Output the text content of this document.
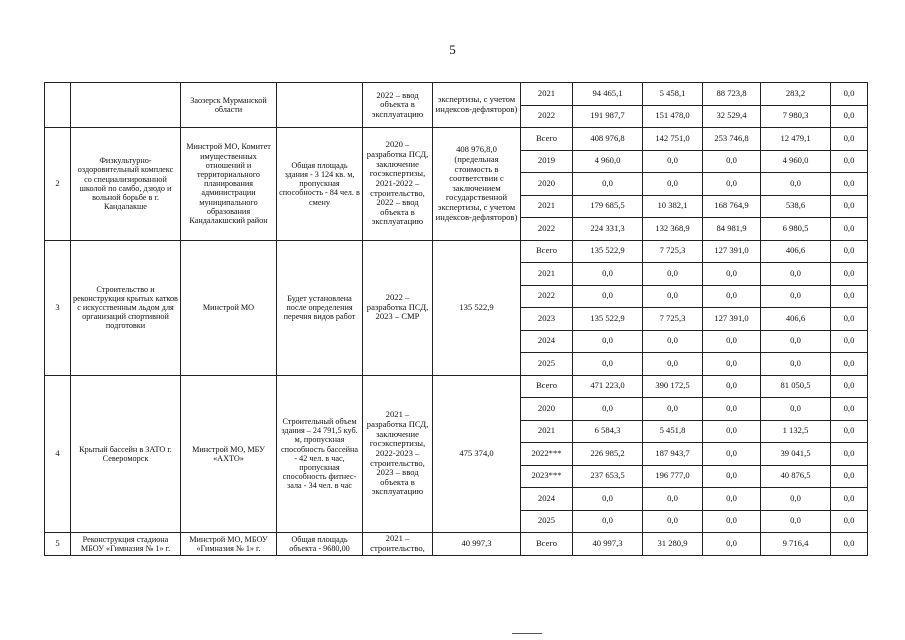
5
		Заозерск Мурманской области		2022 – ввод объекта в эксплуатацию	экспертизы, с учетом индексов-дефляторов)	2021	94 465,1	5 458,1	88 723,8	283,2	0,0
						2022	191 987,7	151 478,0	32 529,4	7 980,3	0,0
2	Физкультурно-оздоровительный комплекс со специализированной школой по самбо, дзюдо и вольной борьбе в г. Кандалакше	Минстрой МО, Комитет имущественных отношений и территориального планирования администрации муниципального образования Кандалакшский район	Общая площадь здания - 3 124 кв. м, пропускная способность - 84 чел. в смену	2020 – разработка ПСД, заключение госэкспертизы, 2021-2022 – строительство, 2022 – ввод объекта в эксплуатацию	408 976,8,0 (предельная стоимость в соответствии с заключением государственной экспертизы, с учетом индексов-дефляторов)	Всего	408 976,8	142 751,0	253 746,8	12 479,1	0,0
						2019	4 960,0	0,0	0,0	4 960,0	0,0
						2020	0,0	0,0	0,0	0,0	0,0
						2021	179 685,5	10 382,1	168 764,9	538,6	0,0
						2022	224 331,3	132 368,9	84 981,9	6 980,5	0,0
3	Строительство и реконструкция крытых катков с искусственным льдом для организаций спортивной подготовки	Минстрой МО	Будет установлена после определения перечня видов работ	2022 – разработка ПСД, 2023 – СМР	135 522,9	Всего	135 522,9	7 725,3	127 391,0	406,6	0,0
						2021	0,0	0,0	0,0	0,0	0,0
						2022	0,0	0,0	0,0	0,0	0,0
						2023	135 522,9	7 725,3	127 391,0	406,6	0,0
						2024	0,0	0,0	0,0	0,0	0,0
						2025	0,0	0,0	0,0	0,0	0,0
4	Крытый бассейн в ЗАТО г. Североморск	Минстрой МО, МБУ «АХТО»	Строительный объем здания – 24 791,5 куб. м, пропускная способность бассейна - 42 чел. в час, пропускная способность фитнес-зала - 34 чел. в час	2021 – разработка ПСД, заключение госэкспертизы, 2022-2023 – строительство, 2023 – ввод объекта в эксплуатацию	475 374,0	Всего	471 223,0	390 172,5	0,0	81 050,5	0,0
						2020	0,0	0,0	0,0	0,0	0,0
						2021	6 584,3	5 451,8	0,0	1 132,5	0,0
						2022***	226 985,2	187 943,7	0,0	39 041,5	0,0
						2023***	237 653,5	196 777,0	0,0	40 876,5	0,0
						2024	0,0	0,0	0,0	0,0	0,0
						2025	0,0	0,0	0,0	0,0	0,0
5	Реконструкция стадиона МБОУ «Гимназия № 1» г.	Минстрой МО, МБОУ «Гимназия № 1» г.	Общая площадь объекта - 9680,00	2021 – строительство,	40 997,3	Всего	40 997,3	31 280,9	0,0	9 716,4	0,0
